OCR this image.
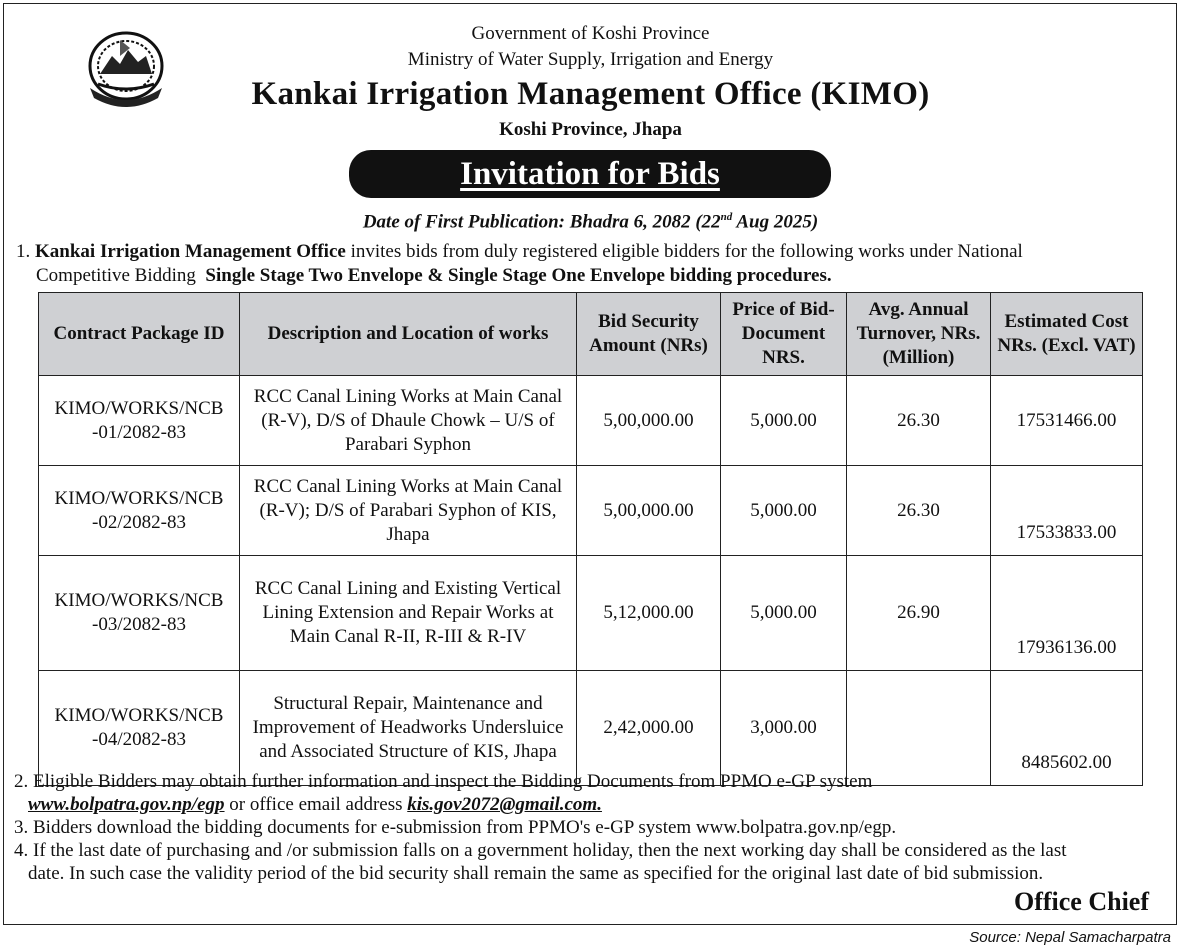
Government of Koshi Province
Ministry of Water Supply, Irrigation and Energy
Kankai Irrigation Management Office (KIMO)
Koshi Province, Jhapa
Invitation for Bids
Date of First Publication: Bhadra 6, 2082 (22nd Aug 2025)
1. Kankai Irrigation Management Office invites bids from duly registered eligible bidders for the following works under National
Competitive Bidding Single Stage Two Envelope & Single Stage One Envelope bidding procedures.
Contract Package ID	Description and Location of works	Bid Security Amount (NRs)	Price of Bid-Document NRS.	Avg. Annual Turnover, NRs. (Million)	Estimated Cost NRs. (Excl. VAT)

KIMO/WORKS/NCB
-01/2082-83	RCC Canal Lining Works at Main Canal (R-V), D/S of Dhaule Chowk – U/S of Parabari Syphon	5,00,000.00	5,000.00	26.30	17531466.00

KIMO/WORKS/NCB
-02/2082-83	RCC Canal Lining Works at Main Canal (R-V); D/S of Parabari Syphon of KIS, Jhapa	5,00,000.00	5,000.00	26.30	17533833.00

KIMO/WORKS/NCB
-03/2082-83	RCC Canal Lining and Existing Vertical Lining Extension and Repair Works at Main Canal R-II, R-III & R-IV	5,12,000.00	5,000.00	26.90	17936136.00

KIMO/WORKS/NCB
-04/2082-83	Structural Repair, Maintenance and Improvement of Headworks Undersluice and Associated Structure of KIS, Jhapa	2,42,000.00	3,000.00		8485602.00
2. Eligible Bidders may obtain further information and inspect the Bidding Documents from PPMO e-GP system
www.bolpatra.gov.np/egp or office email address kis.gov2072@gmail.com.
3. Bidders download the bidding documents for e-submission from PPMO's e-GP system www.bolpatra.gov.np/egp.
4. If the last date of purchasing and /or submission falls on a government holiday, then the next working day shall be considered as the last
date. In such case the validity period of the bid security shall remain the same as specified for the original last date of bid submission.
Office Chief
Source: Nepal Samacharpatra
